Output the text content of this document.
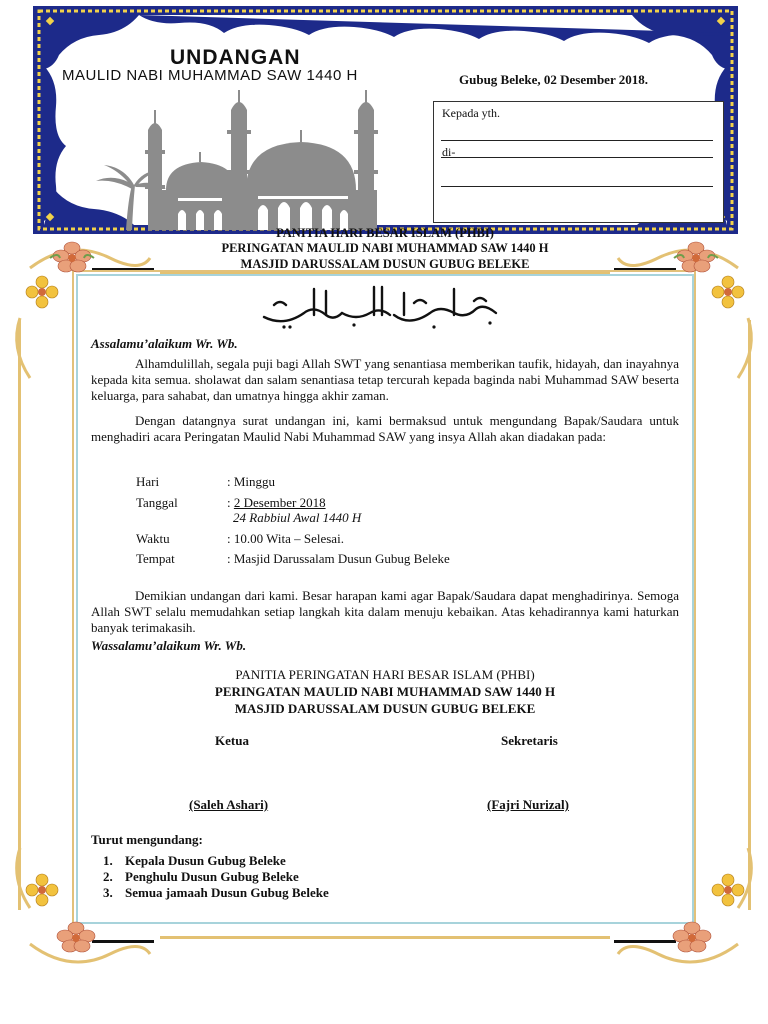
UNDANGAN
MAULID NABI MUHAMMAD SAW 1440 H	Gubug Beleke, 02 Desember 2018.
Kepada yth.
di-
PANITIA HARI BESAR ISLAM (PHBI)
PERINGATAN MAULID NABI MUHAMMAD SAW 1440 H
MASJID DARUSSALAM DUSUN GUBUG BELEKE
Assalamu’alaikum Wr. Wb.
Alhamdulillah, segala puji bagi Allah SWT yang senantiasa memberikan taufik, hidayah, dan inayahnya kepada kita semua. sholawat dan salam senantiasa tetap tercurah kepada baginda nabi Muhammad SAW beserta keluarga, para sahabat, dan umatnya hingga akhir zaman.
Dengan datangnya surat undangan ini, kami bermaksud untuk mengundang Bapak/Saudara untuk menghadiri acara Peringatan Maulid Nabi Muhammad SAW yang insya Allah akan diadakan pada:
Hari	: Minggu
Tanggal	: 2 Desember 2018
24 Rabbiul Awal 1440 H
Waktu	: 10.00 Wita – Selesai.
Tempat	: Masjid Darussalam Dusun Gubug Beleke
Demikian undangan dari kami. Besar harapan kami agar Bapak/Saudara dapat menghadirinya. Semoga Allah SWT selalu memudahkan setiap langkah kita dalam menuju kebaikan. Atas kehadirannya kami haturkan banyak terimakasih.
Wassalamu’alaikum Wr. Wb.
PANITIA PERINGATAN HARI BESAR ISLAM (PHBI)
PERINGATAN MAULID NABI MUHAMMAD SAW 1440 H
MASJID DARUSSALAM DUSUN GUBUG BELEKE
Ketua	Sekretaris
(Saleh Ashari)	(Fajri Nurizal)
Turut mengundang:
1. Kepala Dusun Gubug Beleke
2. Penghulu Dusun Gubug Beleke
3. Semua jamaah Dusun Gubug Beleke
